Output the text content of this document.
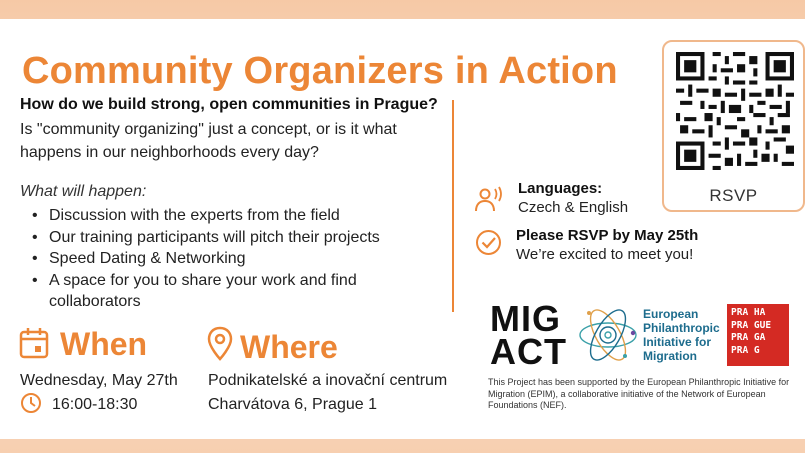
Community Organizers in Action
How do we build strong, open communities in Prague?
Is "community organizing" just a concept, or is it what happens in our neighborhoods every day?
What will happen:
• Discussion with the experts from the field
• Our training participants will pitch their projects
• Speed Dating & Networking
• A space for you to share your work and find collaborators
When
Wednesday, May 27th
16:00-18:30
Where
Podnikatelské a inovační centrum
Charvátova 6, Prague 1
RSVP
Languages:
Czech & English
Please RSVP by May 25th
We’re excited to meet you!
MIG
ACT
European
Philanthropic
Initiative for
Migration
PRA HA
PRA GUE
PRA GA
PRA G
This Project has been supported by the European Philanthropic Initiative for Migration (EPIM), a collaborative initiative of the Network of European Foundations (NEF).
